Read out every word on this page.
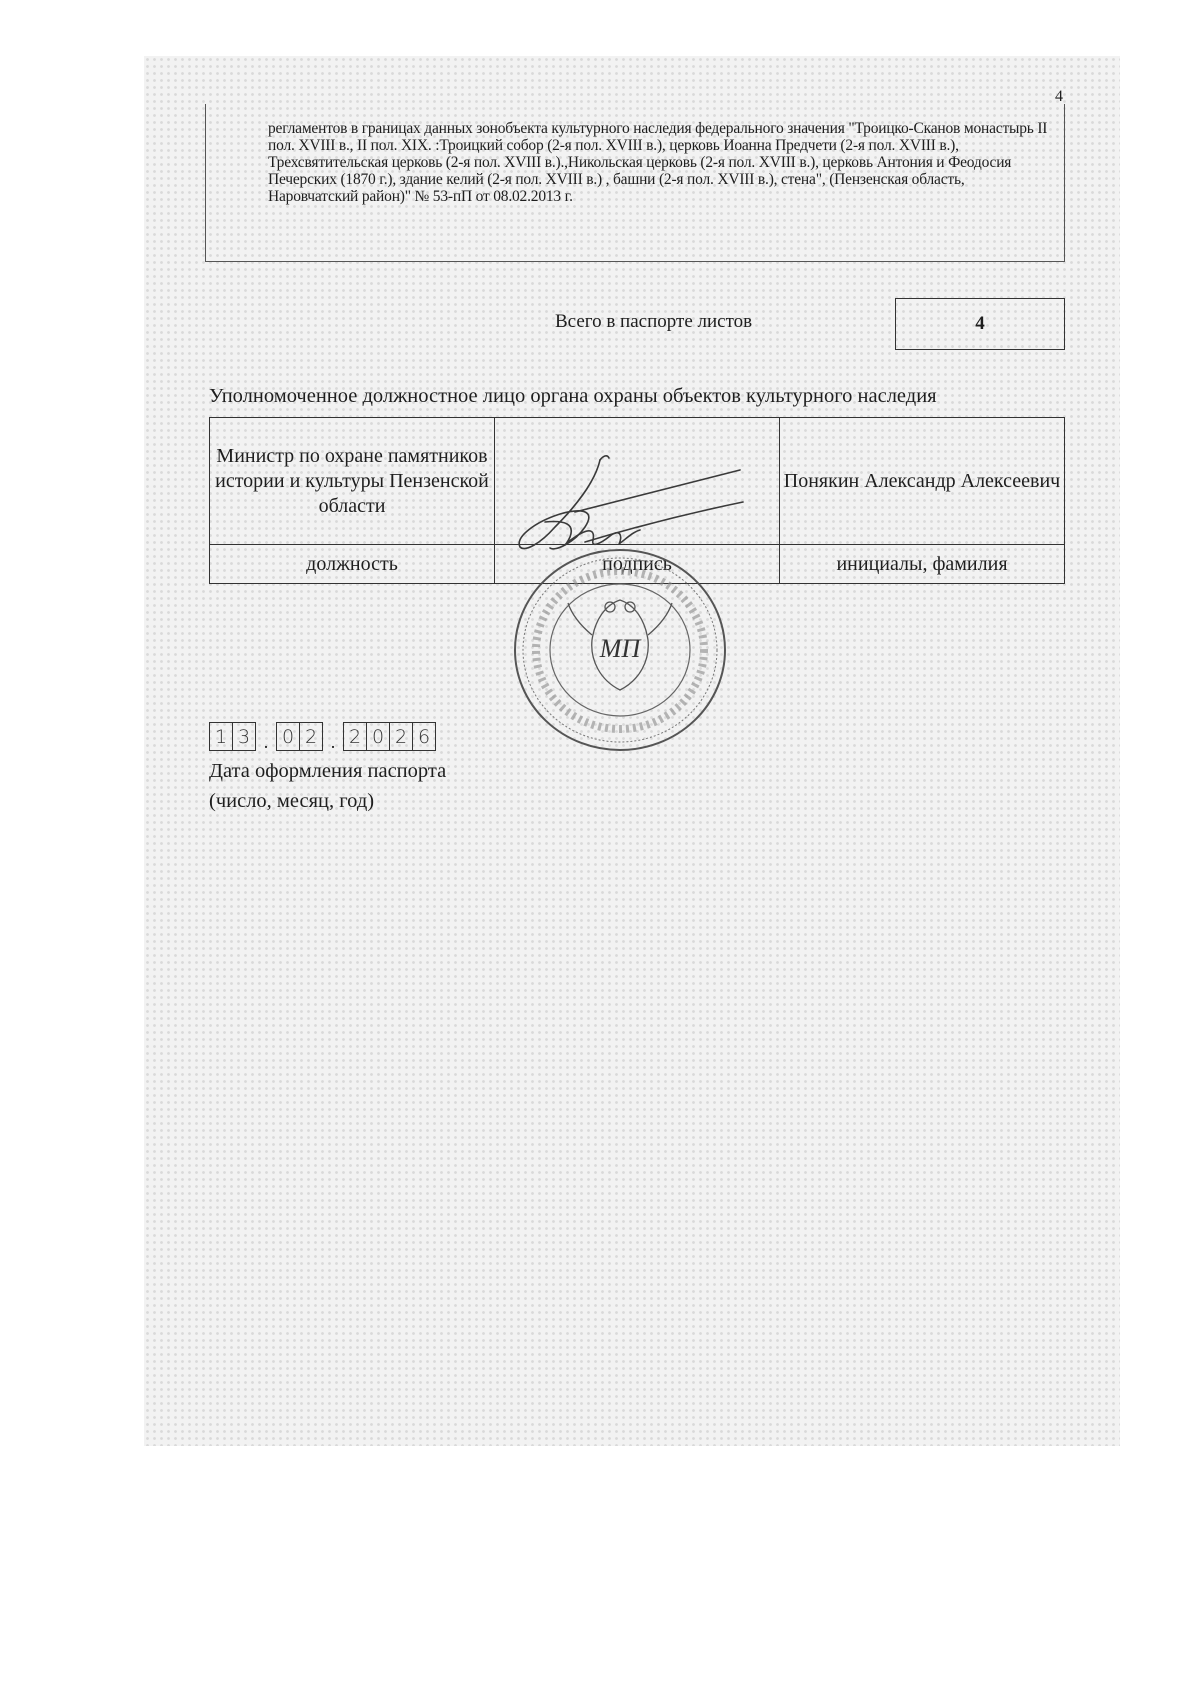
4
регламентов в границах данных зонобъекта культурного наследия федерального значения "Троицко-Сканов монастырь II пол. XVIII в., II пол. XIX. :Троицкий собор (2-я пол. XVIII в.), церковь Иоанна Предчети (2-я пол. XVIII в.), Трехсвятительская церковь (2-я пол. XVIII в.).,Никольская церковь (2-я пол. XVIII в.), церковь Антония и Феодосия Печерских (1870 г.), здание келий (2-я пол. XVIII в.) , башни (2-я пол. XVIII в.), стена", (Пензенская область, Наровчатский район)" № 53-пП от 08.02.2013 г.
Всего в паспорте листов	4
Уполномоченное должностное лицо органа охраны объектов культурного наследия
Министр по охране памятников истории и культуры Пензенской области		Понякин Александр Алексеевич
должность	подпись	инициалы, фамилия
МП
1 3 . 0 2 . 2 0 2 6
Дата оформления паспорта
(число, месяц, год)
